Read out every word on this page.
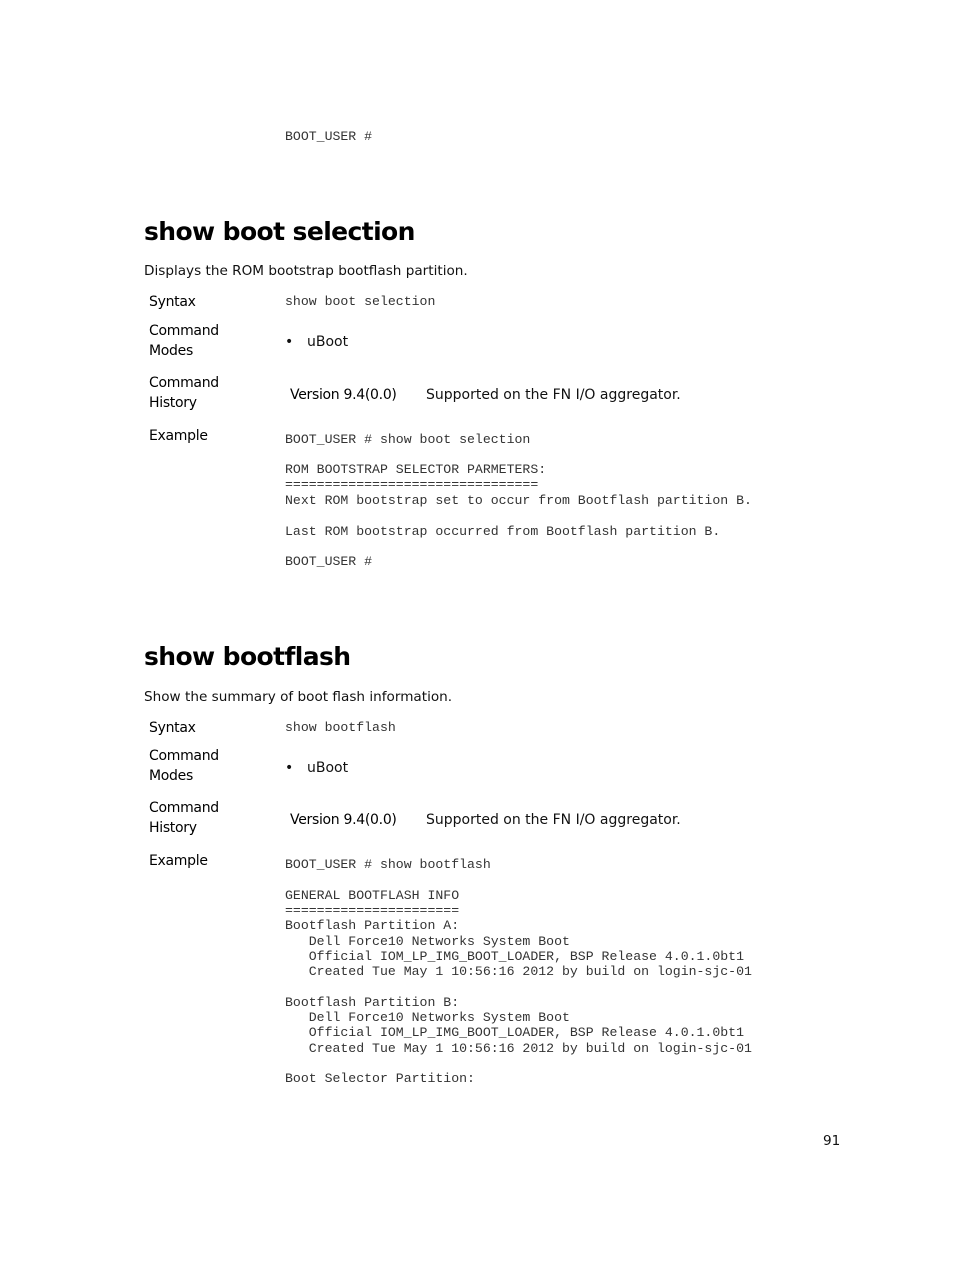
BOOT_USER #
show boot selection
Displays the ROM bootstrap bootflash partition.
Syntax	show boot selection
Command
Modes
• uBoot
Command
History	Version 9.4(0.0) Supported on the FN I/O aggregator.
Example	BOOT_USER # show boot selection
ROM BOOTSTRAP SELECTOR PARMETERS:
================================
Next ROM bootstrap set to occur from Bootflash partition B.
Last ROM bootstrap occurred from Bootflash partition B.
BOOT_USER #
show bootflash
Show the summary of boot flash information.
Syntax	show bootflash
Command
Modes	• uBoot
Command
History	Version 9.4(0.0) Supported on the FN I/O aggregator.
Example	BOOT_USER # show bootflash
GENERAL BOOTFLASH INFO
======================
Bootflash Partition A:
Dell Force10 Networks System Boot
Official IOM_LP_IMG_BOOT_LOADER, BSP Release 4.0.1.0bt1
Created Tue May 1 10:56:16 2012 by build on login-sjc-01
Bootflash Partition B:
Dell Force10 Networks System Boot
Official IOM_LP_IMG_BOOT_LOADER, BSP Release 4.0.1.0bt1
Created Tue May 1 10:56:16 2012 by build on login-sjc-01
Boot Selector Partition:
91
